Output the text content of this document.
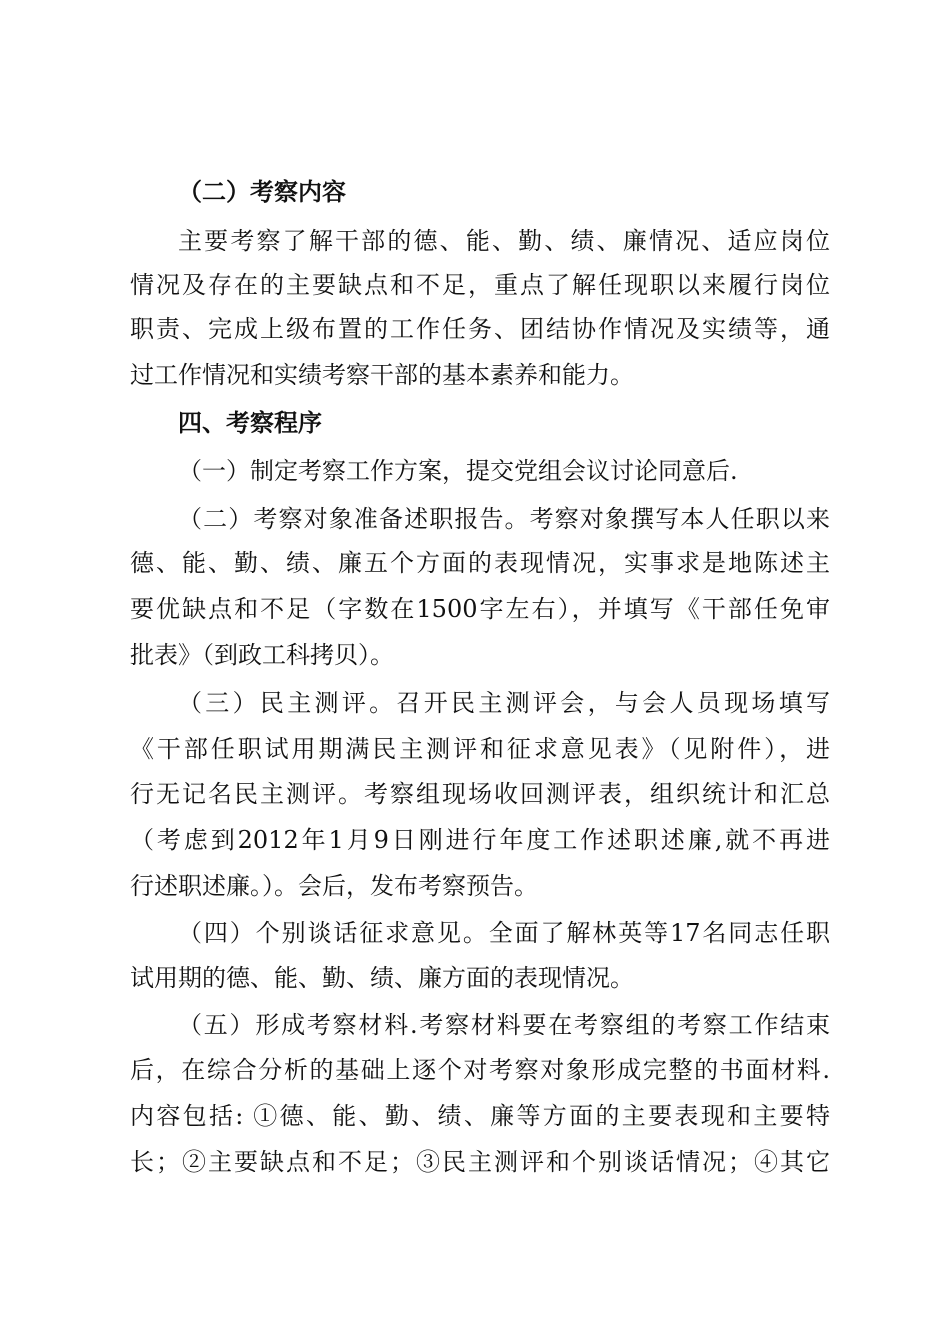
（二）考察内容
主要考察了解干部的德、能、勤、绩、廉情况、适应岗位
情况及存在的主要缺点和不足，重点了解任现职以来履行岗位
职责、完成上级布置的工作任务、团结协作情况及实绩等，通
过工作情况和实绩考察干部的基本素养和能力。
四、考察程序
（一）制定考察工作方案，提交党组会议讨论同意后.
（二）考察对象准备述职报告。考察对象撰写本人任职以来
德、能、勤、绩、廉五个方面的表现情况，实事求是地陈述主
要优缺点和不足（字数在1500字左右），并填写《干部任免审
批表》（到政工科拷贝）。
（三）民主测评。召开民主测评会，与会人员现场填写
《干部任职试用期满民主测评和征求意见表》（见附件），进
行无记名民主测评。考察组现场收回测评表，组织统计和汇总
（考虑到2012年1月9日刚进行年度工作述职述廉,就不再进
行述职述廉。）。会后，发布考察预告。
（四）个别谈话征求意见。全面了解林英等17名同志任职
试用期的德、能、勤、绩、廉方面的表现情况。
（五）形成考察材料.考察材料要在考察组的考察工作结束
后，在综合分析的基础上逐个对考察对象形成完整的书面材料.
内容包括: ①德、能、勤、绩、廉等方面的主要表现和主要特
长；②主要缺点和不足；③民主测评和个别谈话情况；④其它
